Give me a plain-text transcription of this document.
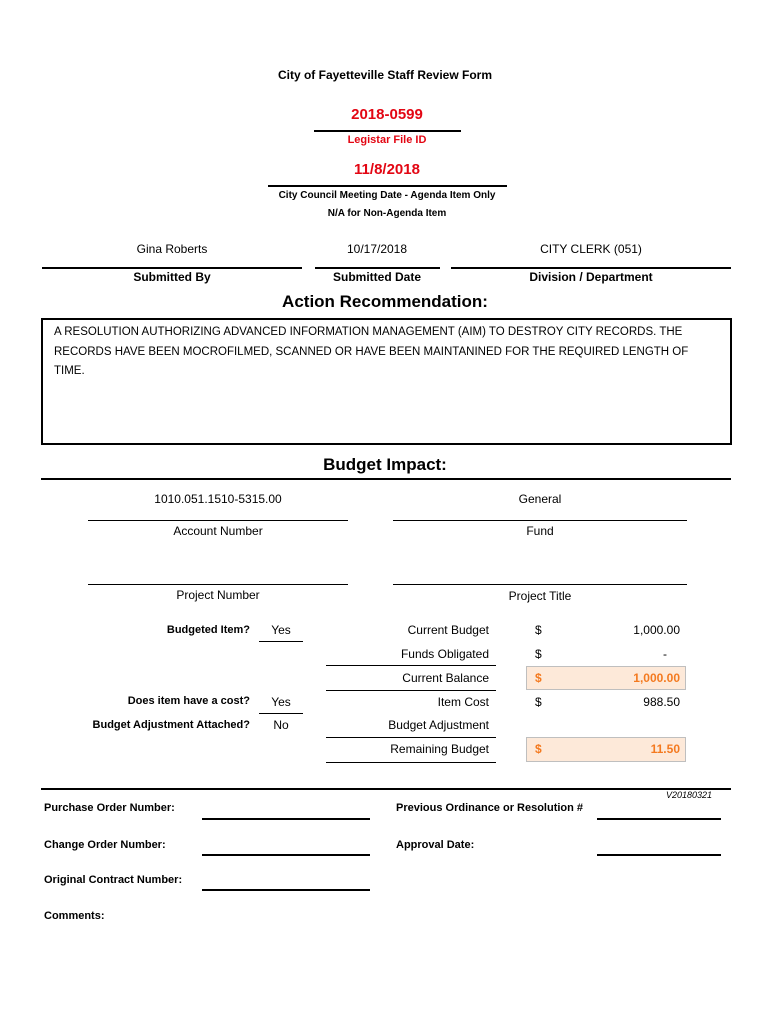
City of Fayetteville Staff Review Form
2018-0599
Legistar File ID
11/8/2018
City Council Meeting Date - Agenda Item Only
N/A for Non-Agenda Item
Gina Roberts
Submitted By
10/17/2018
Submitted Date
CITY CLERK (051)
Division / Department
Action Recommendation:
A RESOLUTION AUTHORIZING ADVANCED INFORMATION MANAGEMENT (AIM) TO DESTROY CITY RECORDS. THE RECORDS HAVE BEEN MOCROFILMED, SCANNED OR HAVE BEEN MAINTANINED FOR THE REQUIRED LENGTH OF TIME.
Budget Impact:
1010.051.1510-5315.00
Account Number
General
Fund
Project Number	Project Title
Budgeted Item?	Yes
Does item have a cost?	Yes
Budget Adjustment Attached?	No
Current Budget	$	1,000.00
Funds Obligated	$	-
Current Balance	$	1,000.00
Item Cost	$	988.50
Budget Adjustment
Remaining Budget	$	11.50
V20180321
Purchase Order Number:	Previous Ordinance or Resolution #
Change Order Number:	Approval Date:
Original Contract Number:
Comments:
